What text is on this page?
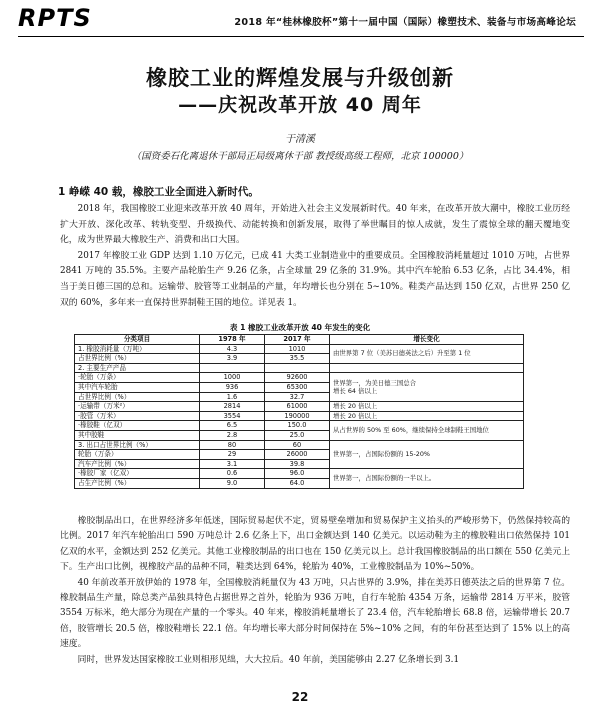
RPTS	2018 年“桂林橡胶杯”第十一届中国（国际）橡塑技术、装备与市场高峰论坛
橡胶工业的辉煌发展与升级创新
——庆祝改革开放 40 周年
于清溪
（国资委石化离退休干部局正局级离休干部 教授级高级工程师，北京 100000）
1 峥嵘 40 载，橡胶工业全面进入新时代。

2018 年，我国橡胶工业迎来改革开放 40 周年，开始进入社会主义发展新时代。40 年来，在改革开放大潮中，橡胶工业历经扩大开放、深化改革、转轨变型、升级换代、动能转换和创新发展，取得了举世瞩目的惊人成就，发生了震惊全球的翻天覆地变化，成为世界最大橡胶生产、消费和出口大国。

2017 年橡胶工业 GDP 达到 1.10 万亿元，已成 41 大类工业制造业中的重要成员。全国橡胶消耗量超过 1010 万吨，占世界 2841 万吨的 35.5%。主要产品轮胎生产 9.26 亿条，占全球量 29 亿条的 31.9%。其中汽车轮胎 6.53 亿条，占比 34.4%，相当于美日德三国的总和。运输带、胶管等工业制品的产量，年均增长也分别在 5~10%。鞋类产品达到 150 亿双，占世界 250 亿双的 60%，多年来一直保持世界制鞋王国的地位。详见表 1。

表 1 橡胶工业改革开放 40 年发生的变化
分类项目	1978 年	2017 年	增长变化
1. 橡胶消耗量（万吨）	4.3	1010	由世界第 7 位（美苏日德英法之后）升至第 1 位
占世界比例（%）	3.9	35.5	
2. 主要生产产品			
·轮胎（万条）	1000	92600	世界第一，为美日德三国总合
增长 64 倍以上
其中汽车轮胎	936	65300	
占世界比例（%）	1.6	32.7	
·运输带（万米²）	2814	61000	增长 20 倍以上
·胶管（万米）	3554	190000	增长 20 倍以上
·橡胶鞋（亿双）	6.5	150.0	从占世界的 50% 至 60%，继续保持全球制鞋王国地位
其中胶鞋	2.8	25.0	
3. 出口占世界比例（%）	80	60	世界第一，占国际份额的 15-20%
轮胎（万条）	29	26000	
汽车产比例（%）	3.1	39.8	
·橡胶厂家（亿双）	0.6	96.0	世界第一，占国际份额的一半以上。
占生产比例（%）	9.0	64.0	

橡胶制品出口，在世界经济多年低迷，国际贸易起伏不定，贸易壁垒增加和贸易保护主义抬头的严峻形势下，仍然保持较高的比例。2017 年汽车轮胎出口 590 万吨总计 2.6 亿条上下，出口金额达到 140 亿美元。以运动鞋为主的橡胶鞋出口依然保持 101 亿双的水平，金额达到 252 亿美元。其他工业橡胶制品的出口也在 150 亿美元以上。总计我国橡胶制品的出口额在 550 亿美元上下。生产出口比例，视橡胶产品的品种不同，鞋类达到 64%，轮胎为 40%，工业橡胶制品为 10%~50%。

40 年前改革开放伊始的 1978 年，全国橡胶消耗量仅为 43 万吨，只占世界的 3.9%，排在美苏日德英法之后的世界第 7 位。橡胶制品生产量，除总类产品独具特色占据世界之首外，轮胎为 936 万吨，自行车轮胎 4354 万条，运输带 2814 万平米，胶管 3554 万标米，绝大部分为现在产量的一个零头。40 年来，橡胶消耗量增长了 23.4 倍，汽车轮胎增长 68.8 倍，运输带增长 20.7 倍，胶管增长 20.5 倍，橡胶鞋增长 22.1 倍。年均增长率大部分时间保持在 5%~10% 之间，有的年份甚至达到了 15% 以上的高速度。

同时，世界发达国家橡胶工业则相形见绌，大大拉后。40 年前，美国能够由 2.27 亿条增长到 3.1

22
